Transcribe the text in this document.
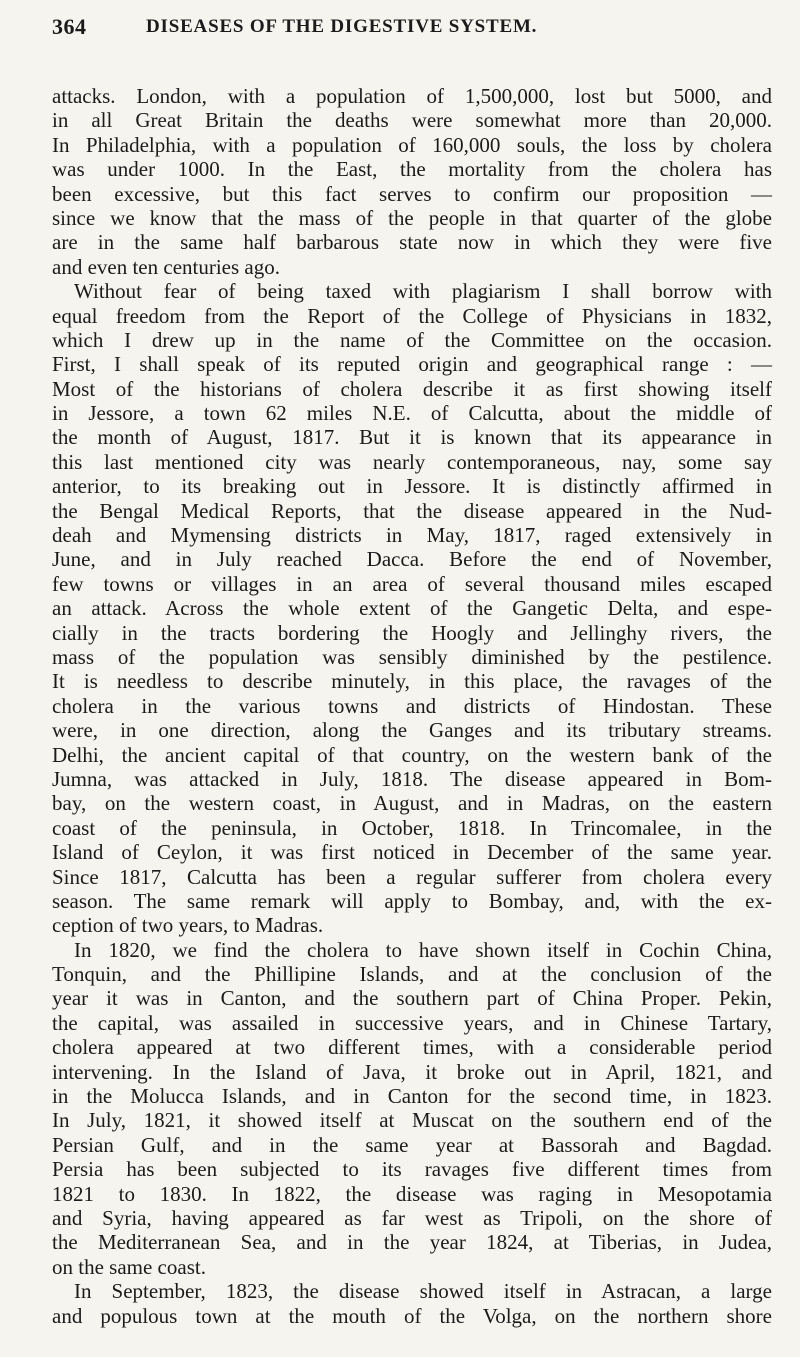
364	DISEASES OF THE DIGESTIVE SYSTEM.
attacks. London, with a population of 1,500,000, lost but 5000, and
in all Great Britain the deaths were somewhat more than 20,000.
In Philadelphia, with a population of 160,000 souls, the loss by cholera
was under 1000. In the East, the mortality from the cholera has
been excessive, but this fact serves to confirm our proposition —
since we know that the mass of the people in that quarter of the globe
are in the same half barbarous state now in which they were five
and even ten centuries ago.
Without fear of being taxed with plagiarism I shall borrow with
equal freedom from the Report of the College of Physicians in 1832,
which I drew up in the name of the Committee on the occasion.
First, I shall speak of its reputed origin and geographical range : —
Most of the historians of cholera describe it as first showing itself
in Jessore, a town 62 miles N.E. of Calcutta, about the middle of
the month of August, 1817. But it is known that its appearance in
this last mentioned city was nearly contemporaneous, nay, some say
anterior, to its breaking out in Jessore. It is distinctly affirmed in
the Bengal Medical Reports, that the disease appeared in the Nud-
deah and Mymensing districts in May, 1817, raged extensively in
June, and in July reached Dacca. Before the end of November,
few towns or villages in an area of several thousand miles escaped
an attack. Across the whole extent of the Gangetic Delta, and espe-
cially in the tracts bordering the Hoogly and Jellinghy rivers, the
mass of the population was sensibly diminished by the pestilence.
It is needless to describe minutely, in this place, the ravages of the
cholera in the various towns and districts of Hindostan. These
were, in one direction, along the Ganges and its tributary streams.
Delhi, the ancient capital of that country, on the western bank of the
Jumna, was attacked in July, 1818. The disease appeared in Bom-
bay, on the western coast, in August, and in Madras, on the eastern
coast of the peninsula, in October, 1818. In Trincomalee, in the
Island of Ceylon, it was first noticed in December of the same year.
Since 1817, Calcutta has been a regular sufferer from cholera every
season. The same remark will apply to Bombay, and, with the ex-
ception of two years, to Madras.
In 1820, we find the cholera to have shown itself in Cochin China,
Tonquin, and the Phillipine Islands, and at the conclusion of the
year it was in Canton, and the southern part of China Proper. Pekin,
the capital, was assailed in successive years, and in Chinese Tartary,
cholera appeared at two different times, with a considerable period
intervening. In the Island of Java, it broke out in April, 1821, and
in the Molucca Islands, and in Canton for the second time, in 1823.
In July, 1821, it showed itself at Muscat on the southern end of the
Persian Gulf, and in the same year at Bassorah and Bagdad.
Persia has been subjected to its ravages five different times from
1821 to 1830. In 1822, the disease was raging in Mesopotamia
and Syria, having appeared as far west as Tripoli, on the shore of
the Mediterranean Sea, and in the year 1824, at Tiberias, in Judea,
on the same coast.
In September, 1823, the disease showed itself in Astracan, a large
and populous town at the mouth of the Volga, on the northern shore
